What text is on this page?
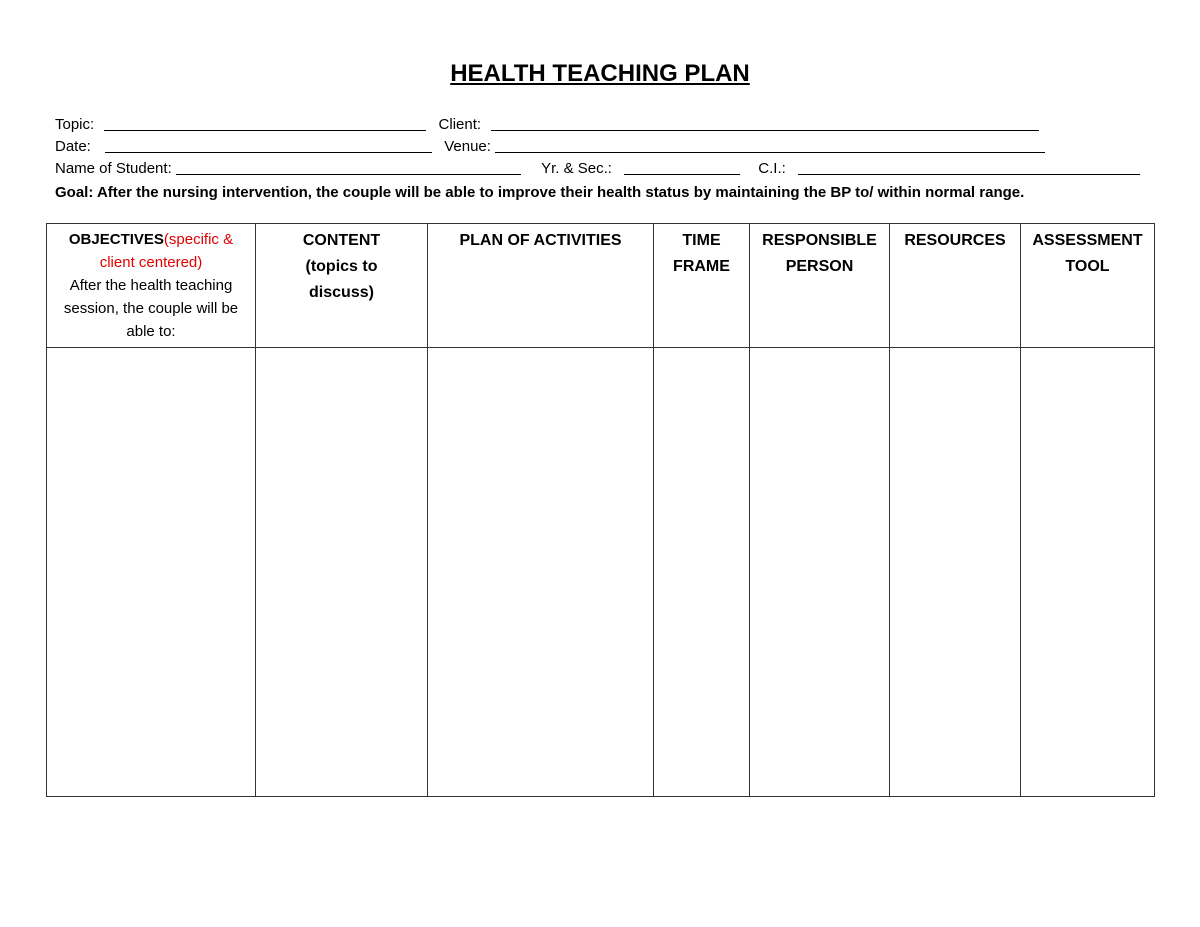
HEALTH TEACHING PLAN
Topic:	Client:
Date:	Venue:
Name of Student:	Yr. & Sec.:	C.I.:
Goal: After the nursing intervention, the couple will be able to improve their health status by maintaining the BP to/ within normal range.
OBJECTIVES(specific & client centered)
After the health teaching session, the couple will be able to:	CONTENT (topics to discuss)	PLAN OF ACTIVITIES	TIME FRAME	RESPONSIBLE PERSON	RESOURCES	ASSESSMENT TOOL
